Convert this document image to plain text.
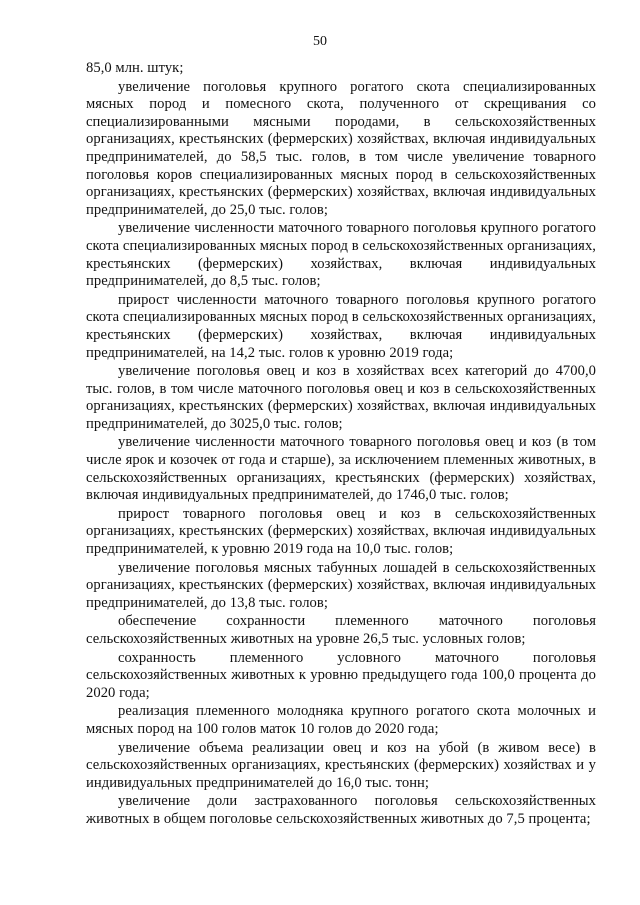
50

85,0 млн. штук;

увеличение поголовья крупного рогатого скота специализированных мясных пород и помесного скота, полученного от скрещивания со специализированными мясными породами, в сельскохозяйственных организациях, крестьянских (фермерских) хозяйствах, включая индивидуальных предпринимателей, до 58,5 тыс. голов, в том числе увеличение товарного поголовья коров специализированных мясных пород в сельскохозяйственных организациях, крестьянских (фермерских) хозяйствах, включая индивидуальных предпринимателей, до 25,0 тыс. голов;

увеличение численности маточного товарного поголовья крупного рогатого скота специализированных мясных пород в сельскохозяйственных организациях, крестьянских (фермерских) хозяйствах, включая индивидуальных предпринимателей, до 8,5 тыс. голов;

прирост численности маточного товарного поголовья крупного рогатого скота специализированных мясных пород в сельскохозяйственных организациях, крестьянских (фермерских) хозяйствах, включая индивидуальных предпринимателей, на 14,2 тыс. голов к уровню 2019 года;

увеличение поголовья овец и коз в хозяйствах всех категорий до 4700,0 тыс. голов, в том числе маточного поголовья овец и коз в сельскохозяйственных организациях, крестьянских (фермерских) хозяйствах, включая индивидуальных предпринимателей, до 3025,0 тыс. голов;

увеличение численности маточного товарного поголовья овец и коз (в том числе ярок и козочек от года и старше), за исключением племенных животных, в сельскохозяйственных организациях, крестьянских (фермерских) хозяйствах, включая индивидуальных предпринимателей, до 1746,0 тыс. голов;

прирост товарного поголовья овец и коз в сельскохозяйственных организациях, крестьянских (фермерских) хозяйствах, включая индивидуальных предпринимателей, к уровню 2019 года на 10,0 тыс. голов;

увеличение поголовья мясных табунных лошадей в сельскохозяйственных организациях, крестьянских (фермерских) хозяйствах, включая индивидуальных предпринимателей, до 13,8 тыс. голов;

обеспечение сохранности племенного маточного поголовья сельскохозяйственных животных на уровне 26,5 тыс. условных голов;

сохранность племенного условного маточного поголовья сельскохозяйственных животных к уровню предыдущего года 100,0 процента до 2020 года;

реализация племенного молодняка крупного рогатого скота молочных и мясных пород на 100 голов маток 10 голов до 2020 года;

увеличение объема реализации овец и коз на убой (в живом весе) в сельскохозяйственных организациях, крестьянских (фермерских) хозяйствах и у индивидуальных предпринимателей до 16,0 тыс. тонн;

увеличение доли застрахованного поголовья сельскохозяйственных животных в общем поголовье сельскохозяйственных животных до 7,5 процента;
